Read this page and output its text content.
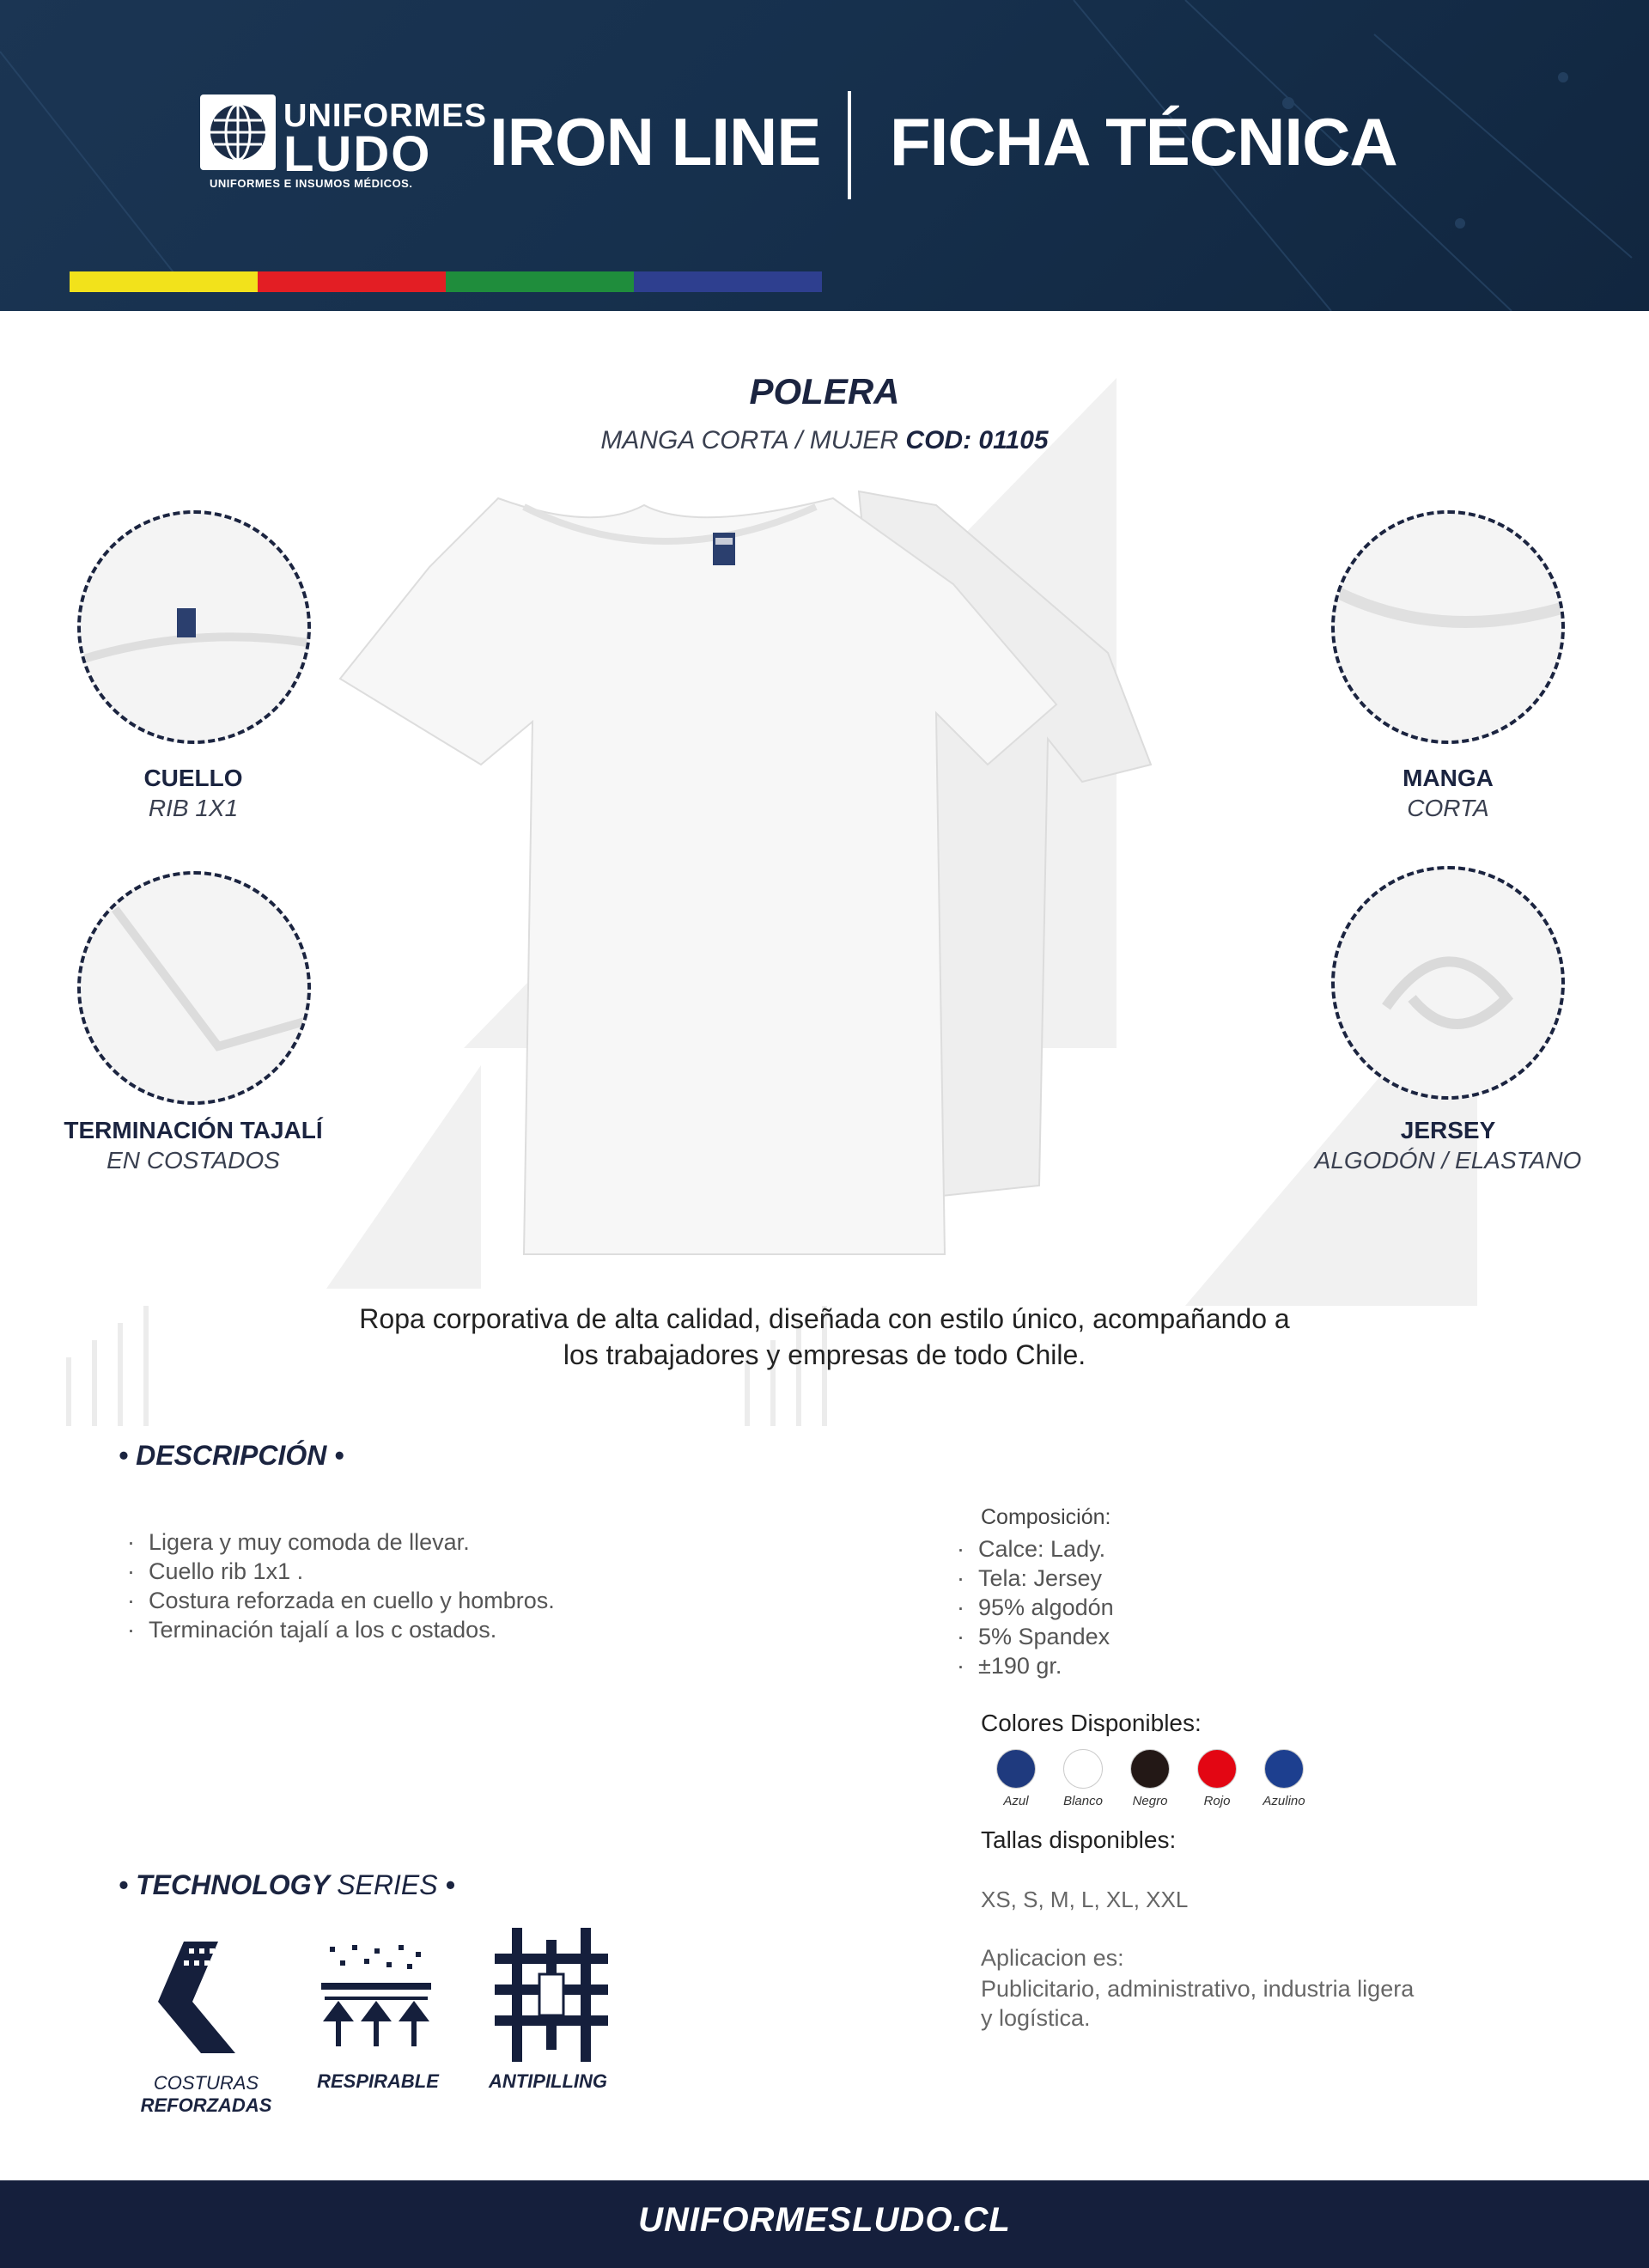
UNIFORMES
LUDO
UNIFORMES E INSUMOS MÉDICOS.
IRON LINE FICHA TÉCNICA
POLERA
MANGA CORTA / MUJER COD: 01105
CUELLO
RIB 1X1
MANGA
CORTA
TERMINACIÓN TAJALÍ
EN COSTADOS
JERSEY
ALGODÓN / ELASTANO
Ropa corporativa de alta calidad, diseñada con estilo único, acompañando a
los trabajadores y empresas de todo Chile.
• DESCRIPCIÓN •
· Ligera y muy comoda de llevar.
· Cuello rib 1x1 .
· Costura reforzada en cuello y hombros.
· Terminación tajalí a los c ostados.
Composición:
· Calce: Lady.
· Tela: Jersey
· 95% algodón
· 5% Spandex
· ±190 gr.
Colores Disponibles:
Azul	Blanco	Negro	Rojo	Azulino
Tallas disponibles:
XS, S, M, L, XL, XXL
Aplicacion es:
Publicitario, administrativo, industria ligera
y logística.
• TECHNOLOGY SERIES •
COSTURAS
REFORZADAS
RESPIRABLE	ANTIPILLING
UNIFORMESLUDO.CL
